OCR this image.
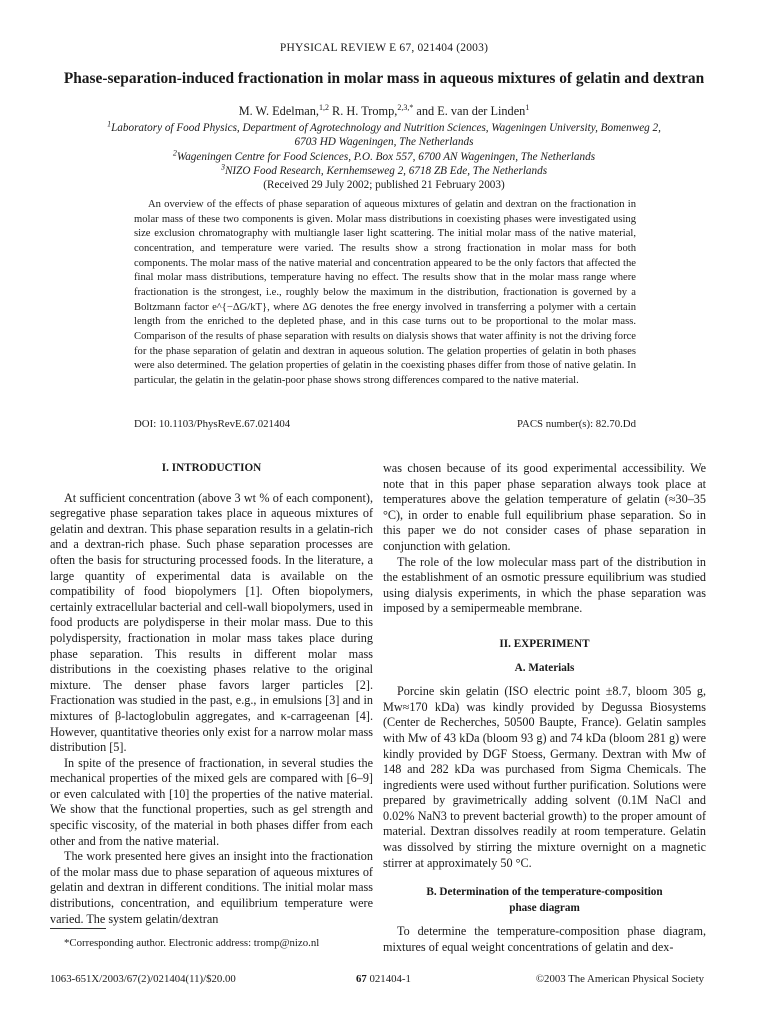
PHYSICAL REVIEW E 67, 021404 (2003)
Phase-separation-induced fractionation in molar mass in aqueous mixtures of gelatin and dextran
M. W. Edelman,$^{1,2}$ R. H. Tromp,$^{2,3,*}$ and E. van der Linden$^1$
$^1$Laboratory of Food Physics, Department of Agrotechnology and Nutrition Sciences, Wageningen University, Bomenweg 2,
6703 HD Wageningen, The Netherlands
$^2$Wageningen Centre for Food Sciences, P.O. Box 557, 6700 AN Wageningen, The Netherlands
$^3$NIZO Food Research, Kernhemseweg 2, 6718 ZB Ede, The Netherlands
(Received 29 July 2002; published 21 February 2003)

An overview of the effects of phase separation of aqueous mixtures of gelatin and dextran on the fractionation in molar mass of these two components is given. Molar mass distributions in coexisting phases were investigated using size exclusion chromatography with multiangle laser light scattering. The initial molar mass of the native material, concentration, and temperature were varied. The results show a strong fractionation in molar mass for both components. The molar mass of the native material and concentration appeared to be the only factors that affected the final molar mass distributions, temperature having no effect. The results show that in the molar mass range where fractionation is the strongest, i.e., roughly below the maximum in the distribution, fractionation is governed by a Boltzmann factor e^{−ΔG/kT}, where ΔG denotes the free energy involved in transferring a polymer with a certain length from the enriched to the depleted phase, and in this case turns out to be proportional to the molar mass. Comparison of the results of phase separation with results on dialysis shows that water affinity is not the driving force for the phase separation of gelatin and dextran in aqueous solution. The gelation properties of gelatin in both phases were also determined. The gelation properties of gelatin in the coexisting phases differ from those of native gelatin. In particular, the gelatin in the gelatin-poor phase shows strong differences compared to the native material.

DOI: 10.1103/PhysRevE.67.021404	PACS number(s): 82.70.Dd

I. INTRODUCTION

At sufficient concentration (above 3 wt % of each component), segregative phase separation takes place in aqueous mixtures of gelatin and dextran. This phase separation results in a gelatin-rich and a dextran-rich phase. Such phase separation processes are often the basis for structuring processed foods. In the literature, a large quantity of experimental data is available on the compatibility of food biopolymers [1]. Often biopolymers, certainly extracellular bacterial and cell-wall biopolymers, used in food products are polydisperse in their molar mass. Due to this polydispersity, fractionation in molar mass takes place during phase separation. This results in different molar mass distributions in the coexisting phases relative to the original mixture. The denser phase favors larger particles [2]. Fractionation was studied in the past, e.g., in emulsions [3] and in mixtures of β-lactoglobulin aggregates, and κ-carrageenan [4]. However, quantitative theories only exist for a narrow molar mass distribution [5].

In spite of the presence of fractionation, in several studies the mechanical properties of the mixed gels are compared with [6–9] or even calculated with [10] the properties of the native material. We show that the functional properties, such as gel strength and specific viscosity, of the material in both phases differ from each other and from the native material.

The work presented here gives an insight into the fractionation of the molar mass due to phase separation of aqueous mixtures of gelatin and dextran in different conditions. The initial molar mass distributions, concentration, and equilibrium temperature were varied. The system gelatin/dextran

was chosen because of its good experimental accessibility. We note that in this paper phase separation always took place at temperatures above the gelation temperature of gelatin (≈30–35 °C), in order to enable full equilibrium phase separation. So in this paper we do not consider cases of phase separation in conjunction with gelation.

The role of the low molecular mass part of the distribution in the establishment of an osmotic pressure equilibrium was studied using dialysis experiments, in which the phase separation was imposed by a semipermeable membrane.

II. EXPERIMENT

A. Materials

Porcine skin gelatin (ISO electric point ±8.7, bloom 305 g, Mw≈170 kDa) was kindly provided by Degussa Biosystems (Center de Recherches, 50500 Baupte, France). Gelatin samples with Mw of 43 kDa (bloom 93 g) and 74 kDa (bloom 281 g) were kindly provided by DGF Stoess, Germany. Dextran with Mw of 148 and 282 kDa was purchased from Sigma Chemicals. The ingredients were used without further purification. Solutions were prepared by gravimetrically adding solvent (0.1M NaCl and 0.02% NaN3 to prevent bacterial growth) to the proper amount of material. Dextran dissolves readily at room temperature. Gelatin was dissolved by stirring the mixture overnight on a magnetic stirrer at approximately 50 °C.

B. Determination of the temperature-composition

phase diagram

To determine the temperature-composition phase diagram, mixtures of equal weight concentrations of gelatin and dex-

*Corresponding author. Electronic address: tromp@nizo.nl
1063-651X/2003/67(2)/021404(11)/$20.00	67 021404-1	©2003 The American Physical Society
